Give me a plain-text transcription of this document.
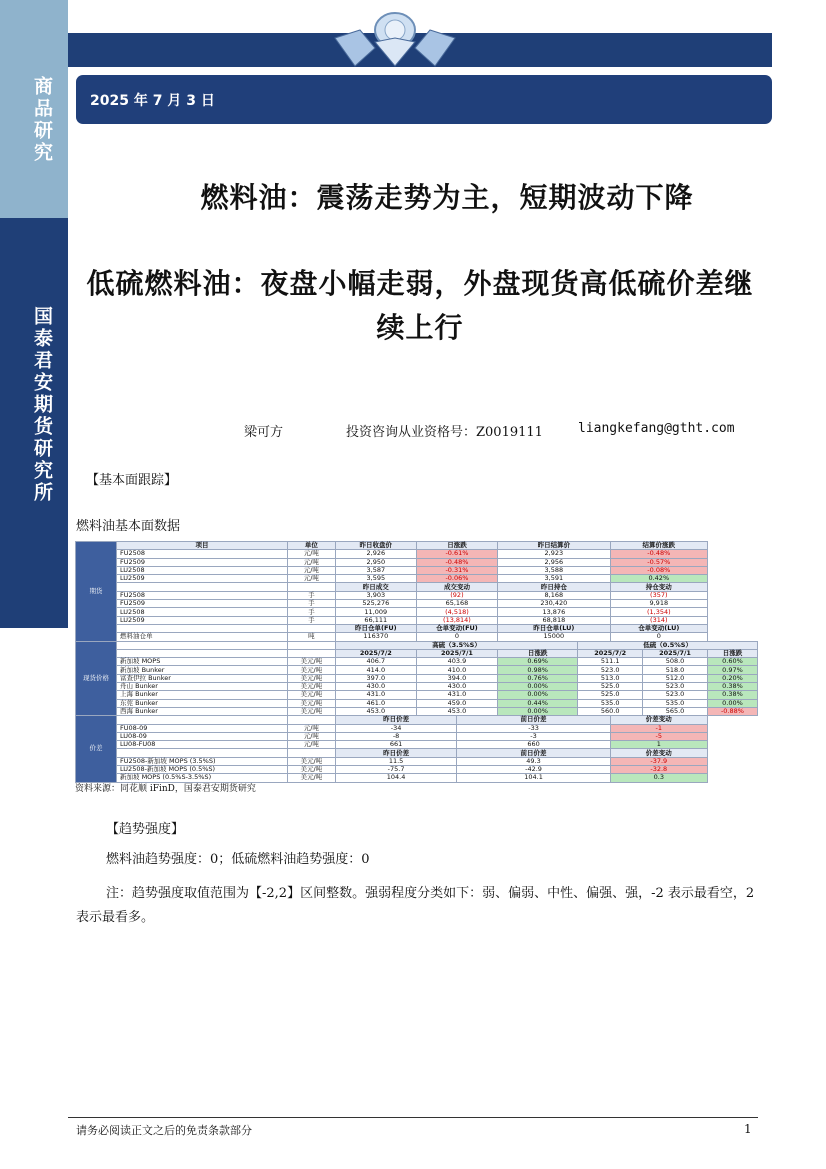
商品研究
国泰君安期货研究所
2025 年 7 月 3 日
燃料油：震荡走势为主，短期波动下降
低硫燃料油：夜盘小幅走弱，外盘现货高低硫价差继续上行
梁可方	投资咨询从业资格号：Z0019111	liangkefang@gtht.com
【基本面跟踪】
燃料油基本面数据
期货	项目	单位	昨日收盘价	日涨跌		昨日结算价		结算价涨跌		
	FU2508	元/吨	2,926	-0.61%		2,923		-0.48%		
	FU2509	元/吨	2,950	-0.48%		2,956		-0.57%		
	LU2508	元/吨	3,587	-0.31%		3,588		-0.08%		
	LU2509	元/吨	3,595	-0.06%		3,591		0.42%		
			昨日成交	成交变动		昨日持仓		持仓变动		
	FU2508	手	3,903	(92)		8,168		(357)		
	FU2509	手	525,276	65,168		230,420		9,918		
	LU2508	手	11,009	(4,518)		13,876		(1,354)		
	LU2509	手	66,111	(13,814)		68,818		(314)		
			昨日仓单(FU)	仓单变动(FU)		昨日仓单(LU)		仓单变动(LU)		
	燃料油仓单	吨	116370	0		15000		0		
现货价格			高硫（3.5%S）				低硫（0.5%S）			
			2025/7/2	2025/7/1		日涨跌	2025/7/2		2025/7/1	日涨跌
	新加坡 MOPS	美元/吨	406.7	403.9		0.69%	511.1		508.0	0.60%
	新加坡 Bunker	美元/吨	414.0	410.0		0.98%	523.0		518.0	0.97%
	富查伊拉 Bunker	美元/吨	397.0	394.0		0.76%	513.0		512.0	0.20%
	舟山 Bunker	美元/吨	430.0	430.0		0.00%	525.0		523.0	0.38%
	上海 Bunker	美元/吨	431.0	431.0		0.00%	525.0		523.0	0.38%
	东莞 Bunker	美元/吨	461.0	459.0		0.44%	535.0		535.0	0.00%
	西海 Bunker	美元/吨	453.0	453.0		0.00%	560.0		565.0	-0.88%
价差			昨日价差		前日价差			价差变动		
	FU08-09	元/吨	-34		-33			-1		
	LU08-09	元/吨	-8		-3			-5		
	LU08-FU08	元/吨	661		660			1		
			昨日价差		前日价差			价差变动		
	FU2508-新加坡 MOPS (3.5%S)	美元/吨	11.5		49.3			-37.9		
	LU2508-新加坡 MOPS (0.5%S)	美元/吨	-75.7		-42.9			-32.8		
	新加坡 MOPS (0.5%S-3.5%S)	美元/吨	104.4		104.1			0.3		
资料来源：同花顺 iFinD，国泰君安期货研究
【趋势强度】
燃料油趋势强度：0；低硫燃料油趋势强度：0
注：趋势强度取值范围为【-2,2】区间整数。强弱程度分类如下：弱、偏弱、中性、偏强、强，-2 表示最看空，2 表示最看多。
请务必阅读正文之后的免责条款部分	1
